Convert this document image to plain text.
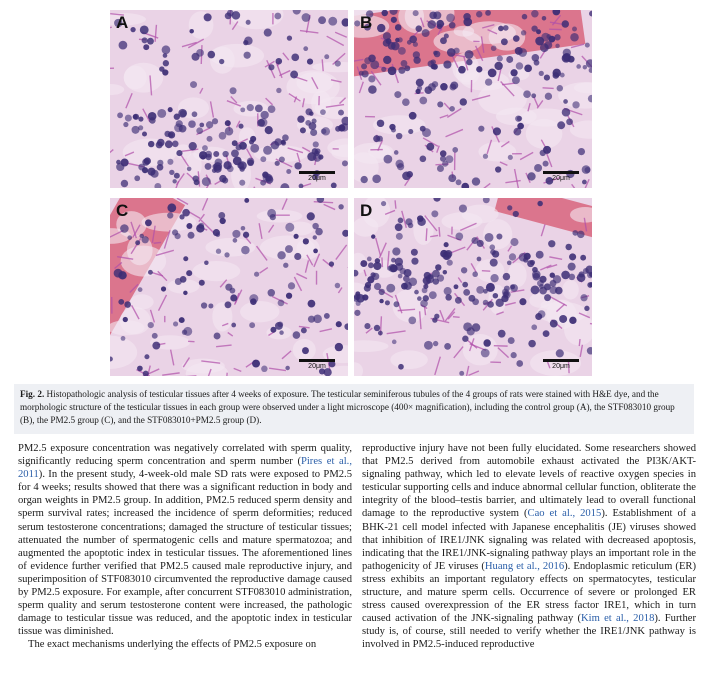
A
20μm
B
20μm
C
20μm
D
20μm
Fig. 2. Histopathologic analysis of testicular tissues after 4 weeks of exposure. The testicular seminiferous tubules of the 4 groups of rats were stained with H&E dye, and the morphologic structure of the testicular tissues in each group were observed under a light microscope (400× magnification), including the control group (A), the STF083010 group (B), the PM2.5 group (C), and the STF083010+PM2.5 group (D).

PM2.5 exposure concentration was negatively correlated with sperm quality, significantly reducing sperm concentration and sperm number (Pires et al., 2011). In the present study, 4-week-old male SD rats were exposed to PM2.5 for 4 weeks; results showed that there was a significant reduction in body and organ weights in PM2.5 group. In addition, PM2.5 reduced sperm density and sperm survival rates; increased the incidence of sperm deformities; reduced serum testosterone concentrations; damaged the structure of testicular tissues; attenuated the number of spermatogenic cells and mature spermatozoa; and augmented the apoptotic index in testicular tissues. The aforementioned lines of evidence further verified that PM2.5 caused male reproductive injury, and superimposition of STF083010 circumvented the reproductive damage caused by PM2.5 exposure. For example, after concurrent STF083010 administration, sperm quality and serum testosterone content were increased, the pathologic damage to testicular tissue was reduced, and the apoptotic index in testicular tissue was diminished.

The exact mechanisms underlying the effects of PM2.5 exposure on

reproductive injury have not been fully elucidated. Some researchers showed that PM2.5 derived from automobile exhaust activated the PI3K/AKT-signaling pathway, which led to elevate levels of reactive oxygen species in testicular supporting cells and induce abnormal cellular function, obliterate the integrity of the blood–testis barrier, and ultimately lead to overall functional damage to the reproductive system (Cao et al., 2015). Establishment of a BHK-21 cell model infected with Japanese encephalitis (JE) viruses showed that inhibition of IRE1/JNK signaling was related with decreased apoptosis, indicating that the IRE1/JNK-signaling pathway plays an important role in the pathogenicity of JE viruses (Huang et al., 2016). Endoplasmic reticulum (ER) stress exhibits an important regulatory effects on spermatocytes, testicular structure, and mature sperm cells. Occurrence of severe or prolonged ER stress caused overexpression of the ER stress factor IRE1, which in turn caused activation of the JNK-signaling pathway (Kim et al., 2018). Further study is, of course, still needed to verify whether the IRE1/JNK pathway is involved in PM2.5-induced reproductive
